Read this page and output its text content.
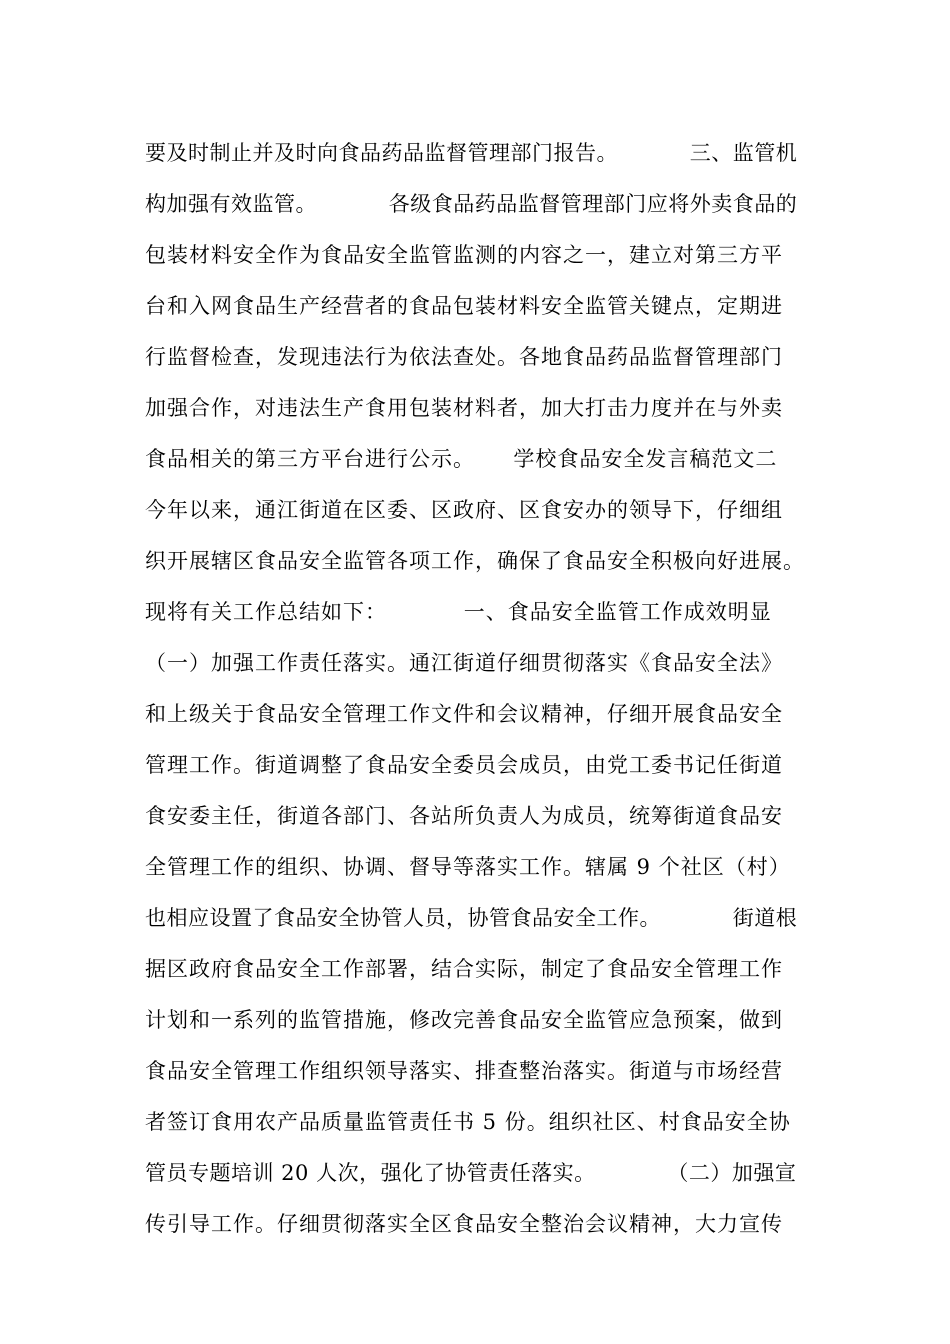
要及时制止并及时向食品药品监督管理部门报告。          三、监管机
构加强有效监管。          各级食品药品监督管理部门应将外卖食品的
包装材料安全作为食品安全监管监测的内容之一，建立对第三方平
台和入网食品生产经营者的食品包装材料安全监管关键点，定期进
行监督检查，发现违法行为依法查处。各地食品药品监督管理部门
加强合作，对违法生产食用包装材料者，加大打击力度并在与外卖
食品相关的第三方平台进行公示。     学校食品安全发言稿范文二
今年以来，通江街道在区委、区政府、区食安办的领导下，仔细组
织开展辖区食品安全监管各项工作，确保了食品安全积极向好进展。
现将有关工作总结如下：          一、食品安全监管工作成效明显
（一）加强工作责任落实。通江街道仔细贯彻落实《食品安全法》
和上级关于食品安全管理工作文件和会议精神，仔细开展食品安全
管理工作。街道调整了食品安全委员会成员，由党工委书记任街道
食安委主任，街道各部门、各站所负责人为成员，统筹街道食品安
全管理工作的组织、协调、督导等落实工作。辖属 9 个社区（村）
也相应设置了食品安全协管人员，协管食品安全工作。          街道根
据区政府食品安全工作部署，结合实际，制定了食品安全管理工作
计划和一系列的监管措施，修改完善食品安全监管应急预案，做到
食品安全管理工作组织领导落实、排查整治落实。街道与市场经营
者签订食用农产品质量监管责任书 5 份。组织社区、村食品安全协
管员专题培训 20 人次，强化了协管责任落实。          （二）加强宣
传引导工作。仔细贯彻落实全区食品安全整治会议精神，大力宣传
